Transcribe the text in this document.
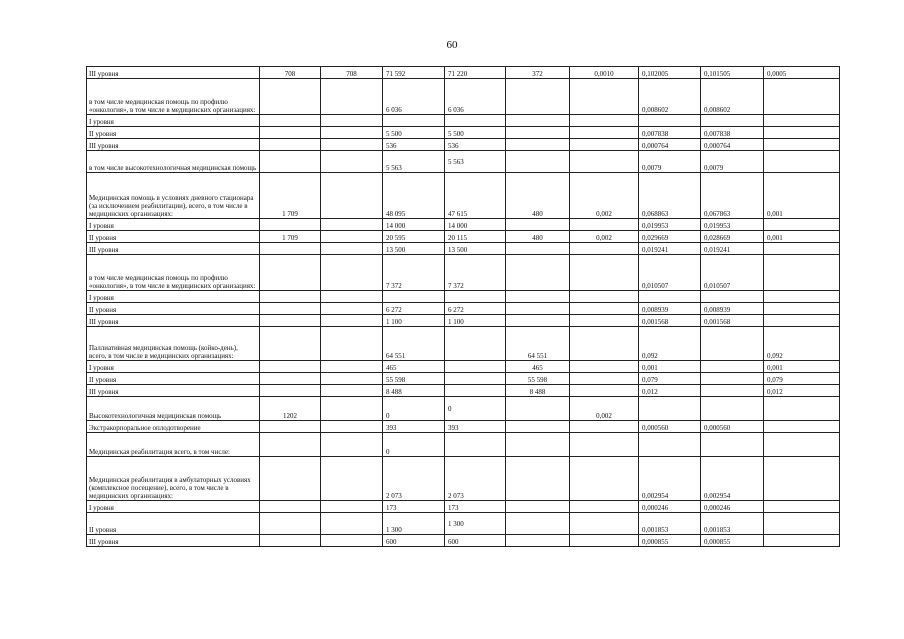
60
III уровня	708	708	71 592	71 220	372	0,0010	0,102005	0,101505	0,0005
в том числе медицинская помощь по профилю «онкология», в том числе в медицинских организациях:			6 036	6 036			0,008602	0,008602	
I уровня									
II уровня			5 500	5 500			0,007838	0,007838	
III уровня			536	536			0,000764	0,000764	
в том числе высокотехнологичная медицинская помощь			5 563	5 563			0,0079	0,0079	
Медицинская помощь в условиях дневного стационара (за исключением реабилитации), всего, в том числе в медицинских организациях:	1 709		48 095	47 615	480	0,002	0,068863	0,067863	0,001
I уровня			14 000	14 000			0,019953	0,019953	
II уровня	1 709		20 595	20 115	480	0,002	0,029669	0,028669	0,001
III уровня			13 500	13 500			0,019241	0,019241	
в том числе медицинская помощь по профилю «онкология», в том числе в медицинских организациях:			7 372	7 372			0,010507	0,010507	
I уровня									
II уровня			6 272	6 272			0,008939	0,008939	
III уровня			1 100	1 100			0,001568	0,001568	
Паллиативная медицинская помощь (койко-день), всего, в том числе в медицинских организациях:			64 551		64 551		0,092		0,092
I уровня			465		465		0,001		0,001
II уровня			55 598		55 598		0,079		0,079
III уровня			8 488		8 488		0,012		0,012
Высокотехнологичная медицинская помощь	1202		0	0		0,002			
Экстракорпоральное оплодотворение			393	393			0,000560	0,000560	
Медицинская реабилитация всего, в том числе:			0						
Медицинская реабилитация в амбулаторных условиях (комплексное посещение), всего, в том числе в медицинских организациях:			2 073	2 073			0,002954	0,002954	
I уровня			173	173			0,000246	0,000246	
II уровня			1 300	1 300			0,001853	0,001853	
III уровня			600	600			0,000855	0,000855	
